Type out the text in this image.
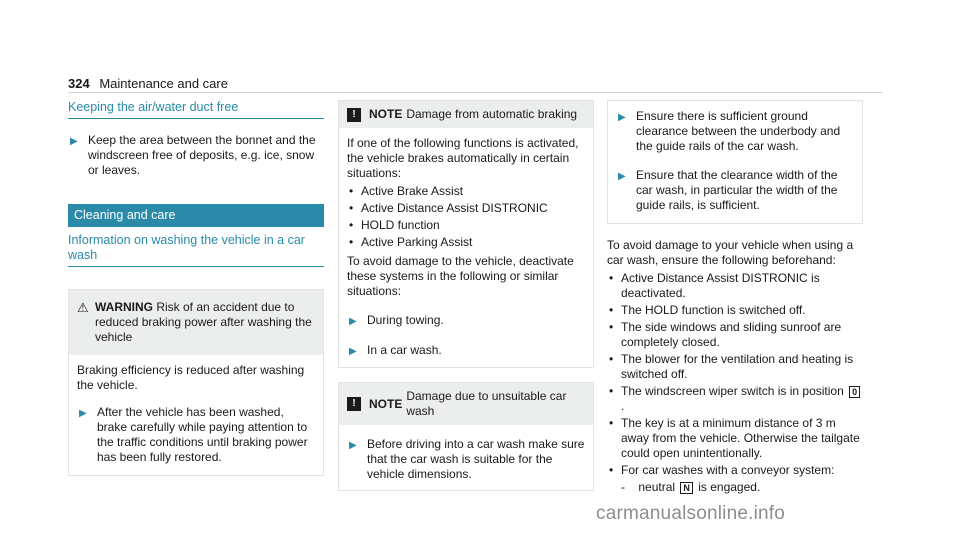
324 Maintenance and care
Keeping the air/water duct free
▶ Keep the area between the bonnet and the windscreen free of deposits, e.g. ice, snow or leaves.
Cleaning and care
Information on washing the vehicle in a car wash
⚠ WARNING Risk of an accident due to reduced braking power after washing the vehicle
Braking efficiency is reduced after washing the vehicle.
▶ After the vehicle has been washed, brake carefully while paying attention to the traffic conditions until braking power has been fully restored.
!	NOTE Damage from automatic braking
If one of the following functions is activated, the vehicle brakes automatically in certain situations:
• Active Brake Assist
• Active Distance Assist DISTRONIC
• HOLD function
• Active Parking Assist
To avoid damage to the vehicle, deactivate these systems in the following or similar situations:
▶ During towing.
▶ In a car wash.
!	NOTE
Damage due to unsuitable car wash
▶ Before driving into a car wash make sure that the car wash is suitable for the vehicle dimensions.
▶ Ensure there is sufficient ground clearance between the underbody and the guide rails of the car wash.
▶ Ensure that the clearance width of the car wash, in particular the width of the guide rails, is sufficient.
To avoid damage to your vehicle when using a car wash, ensure the following beforehand:
• Active Distance Assist DISTRONIC is deactivated.
• The HOLD function is switched off.
• The side windows and sliding sunroof are completely closed.
• The blower for the ventilation and heating is switched off.
• The windscreen wiper switch is in position 0.
• The key is at a minimum distance of 3 m away from the vehicle. Otherwise the tailgate could open unintentionally.
• For car washes with a conveyor system:
- neutral N is engaged.
carmanualsonline.info
